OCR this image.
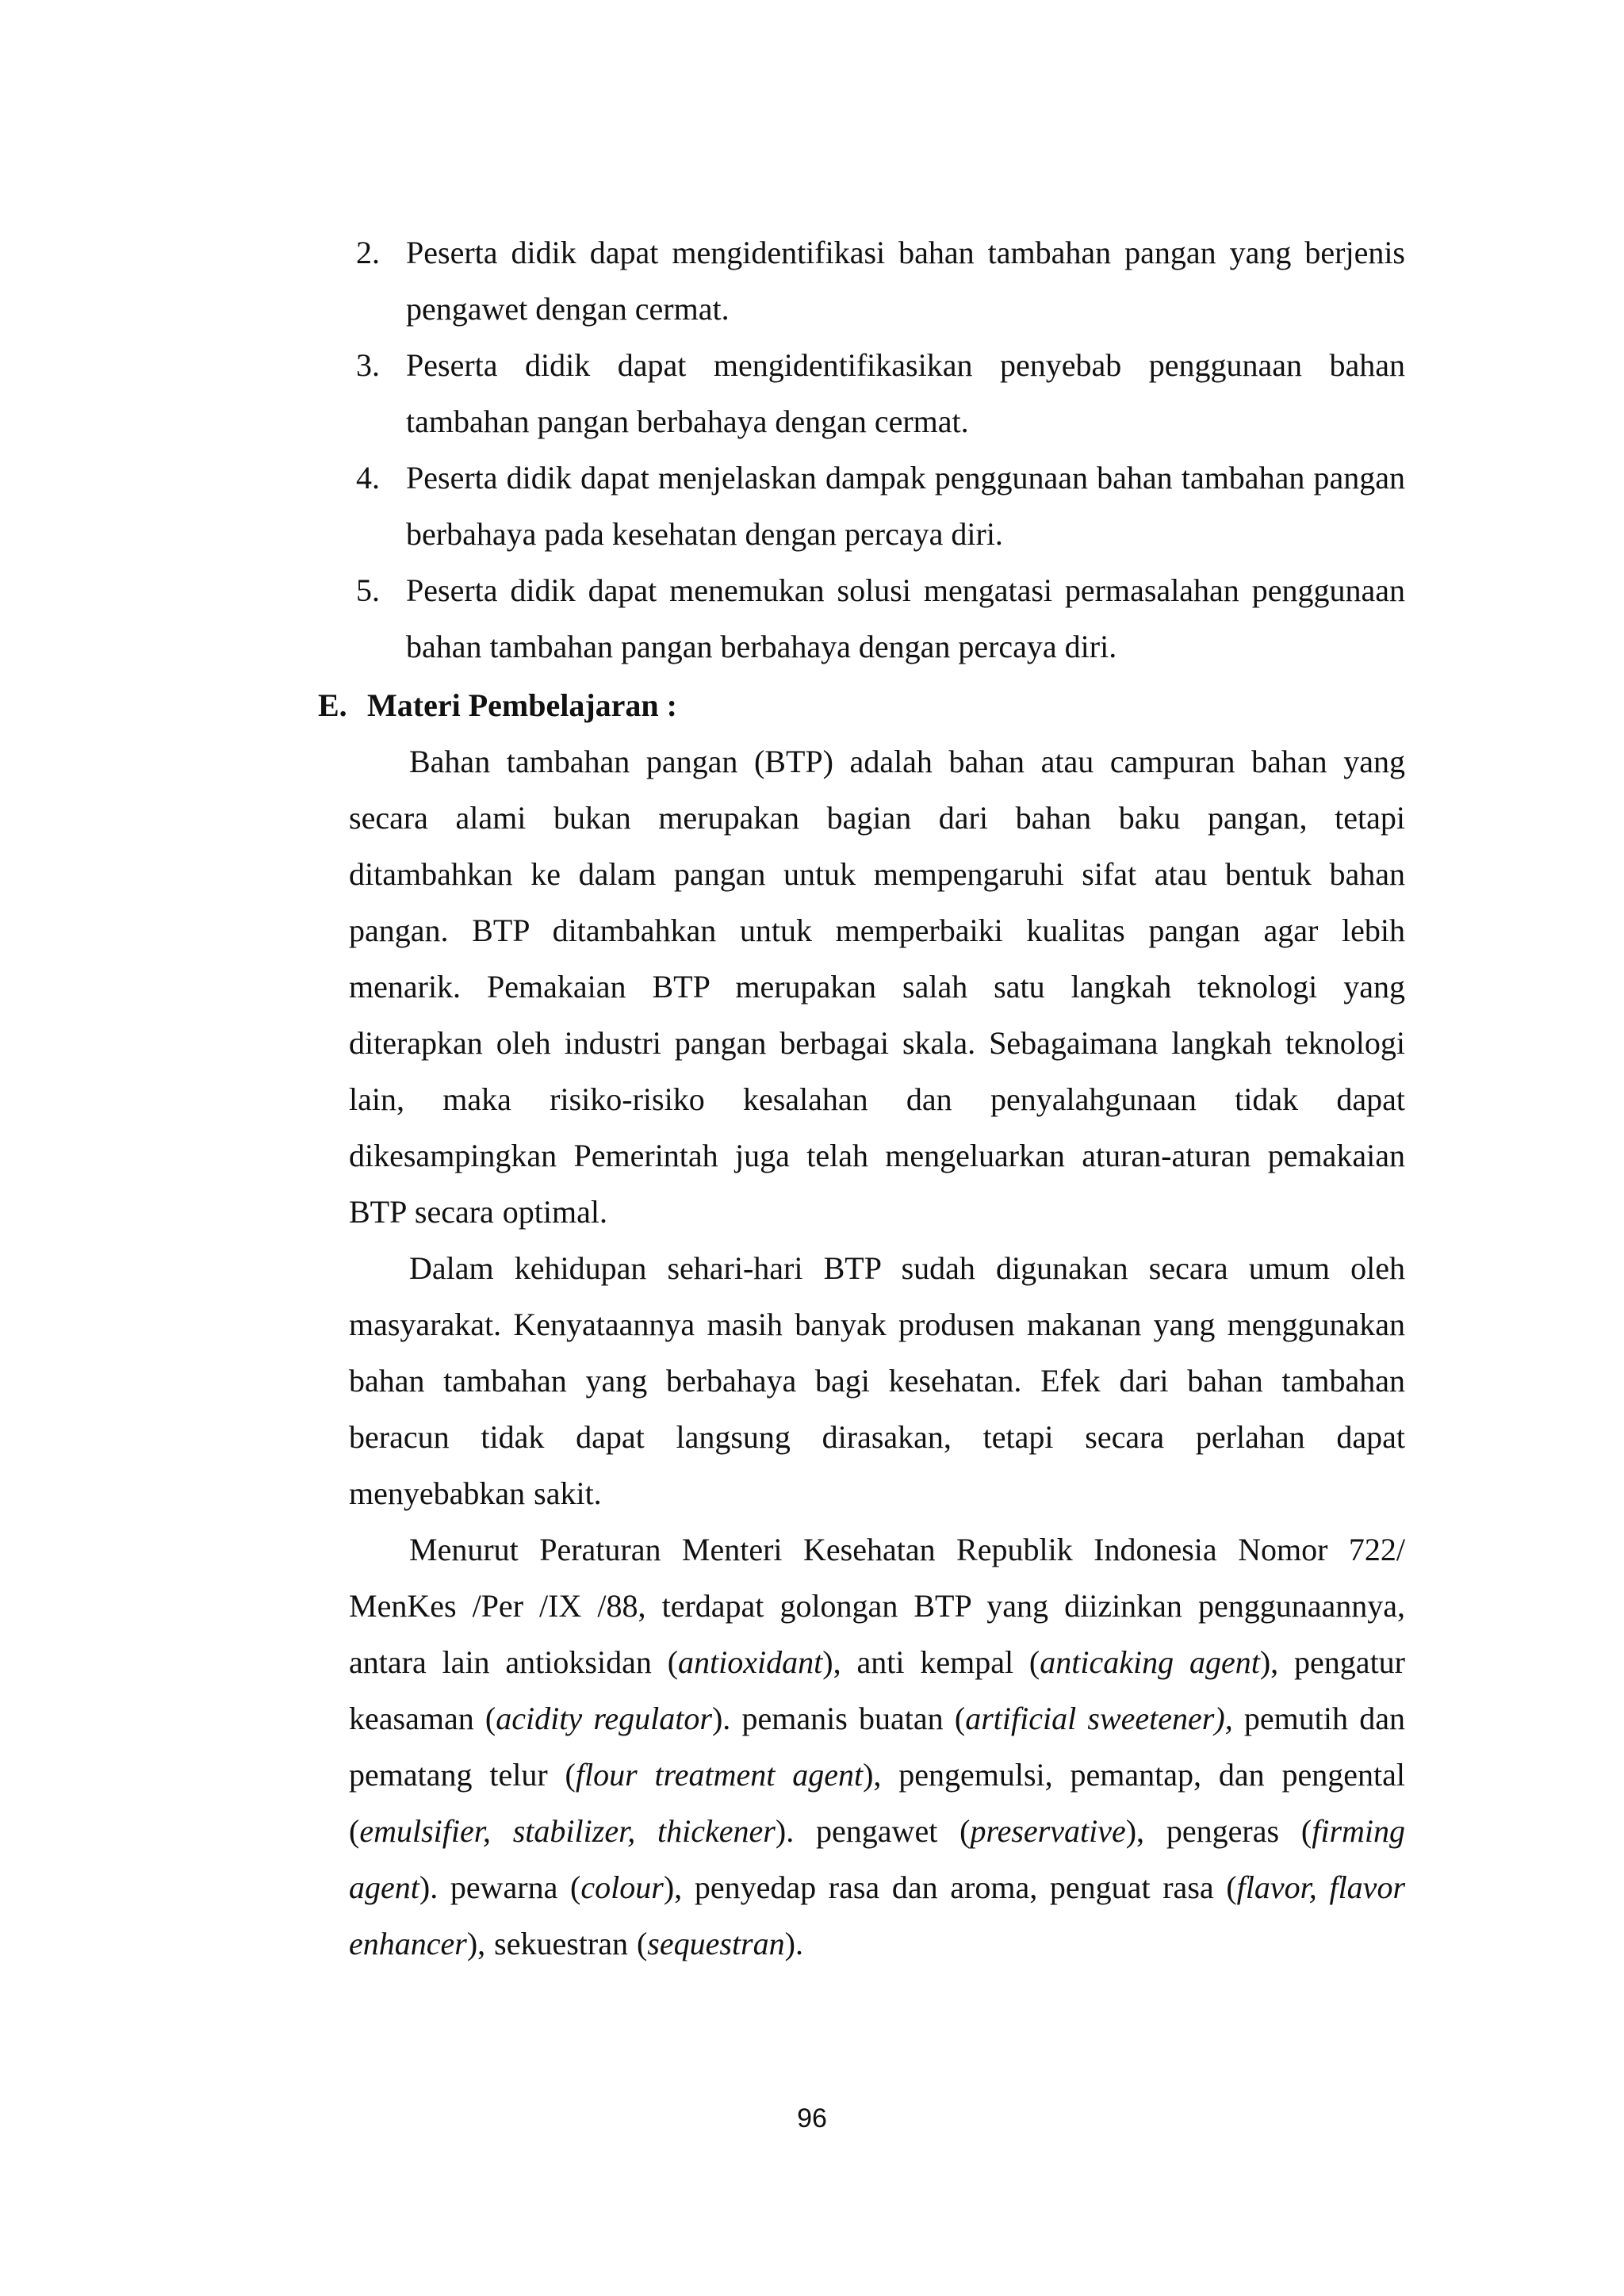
2. Peserta didik dapat mengidentifikasi bahan tambahan pangan yang berjenis pengawet dengan cermat.
3. Peserta didik dapat mengidentifikasikan penyebab penggunaan bahan tambahan pangan berbahaya dengan cermat.
4. Peserta didik dapat menjelaskan dampak penggunaan bahan tambahan pangan berbahaya pada kesehatan dengan percaya diri.
5. Peserta didik dapat menemukan solusi mengatasi permasalahan penggunaan bahan tambahan pangan berbahaya dengan percaya diri.
E. Materi Pembelajaran :

Bahan tambahan pangan (BTP) adalah bahan atau campuran bahan yang secara alami bukan merupakan bagian dari bahan baku pangan, tetapi ditambahkan ke dalam pangan untuk mempengaruhi sifat atau bentuk bahan pangan. BTP ditambahkan untuk memperbaiki kualitas pangan agar lebih menarik. Pemakaian BTP merupakan salah satu langkah teknologi yang diterapkan oleh industri pangan berbagai skala. Sebagaimana langkah teknologi lain, maka risiko-risiko kesalahan dan penyalahgunaan tidak dapat dikesampingkan Pemerintah juga telah mengeluarkan aturan-aturan pemakaian BTP secara optimal.

Dalam kehidupan sehari-hari BTP sudah digunakan secara umum oleh masyarakat. Kenyataannya masih banyak produsen makanan yang menggunakan bahan tambahan yang berbahaya bagi kesehatan. Efek dari bahan tambahan beracun tidak dapat langsung dirasakan, tetapi secara perlahan dapat menyebabkan sakit.

Menurut Peraturan Menteri Kesehatan Republik Indonesia Nomor 722/ MenKes /Per /IX /88, terdapat golongan BTP yang diizinkan penggunaannya, antara lain antioksidan (antioxidant), anti kempal (anticaking agent), pengatur keasaman (acidity regulator). pemanis buatan (artificial sweetener), pemutih dan pematang telur (flour treatment agent), pengemulsi, pemantap, dan pengental (emulsifier, stabilizer, thickener). pengawet (preservative), pengeras (firming agent). pewarna (colour), penyedap rasa dan aroma, penguat rasa (flavor, flavor enhancer), sekuestran (sequestran).

96
